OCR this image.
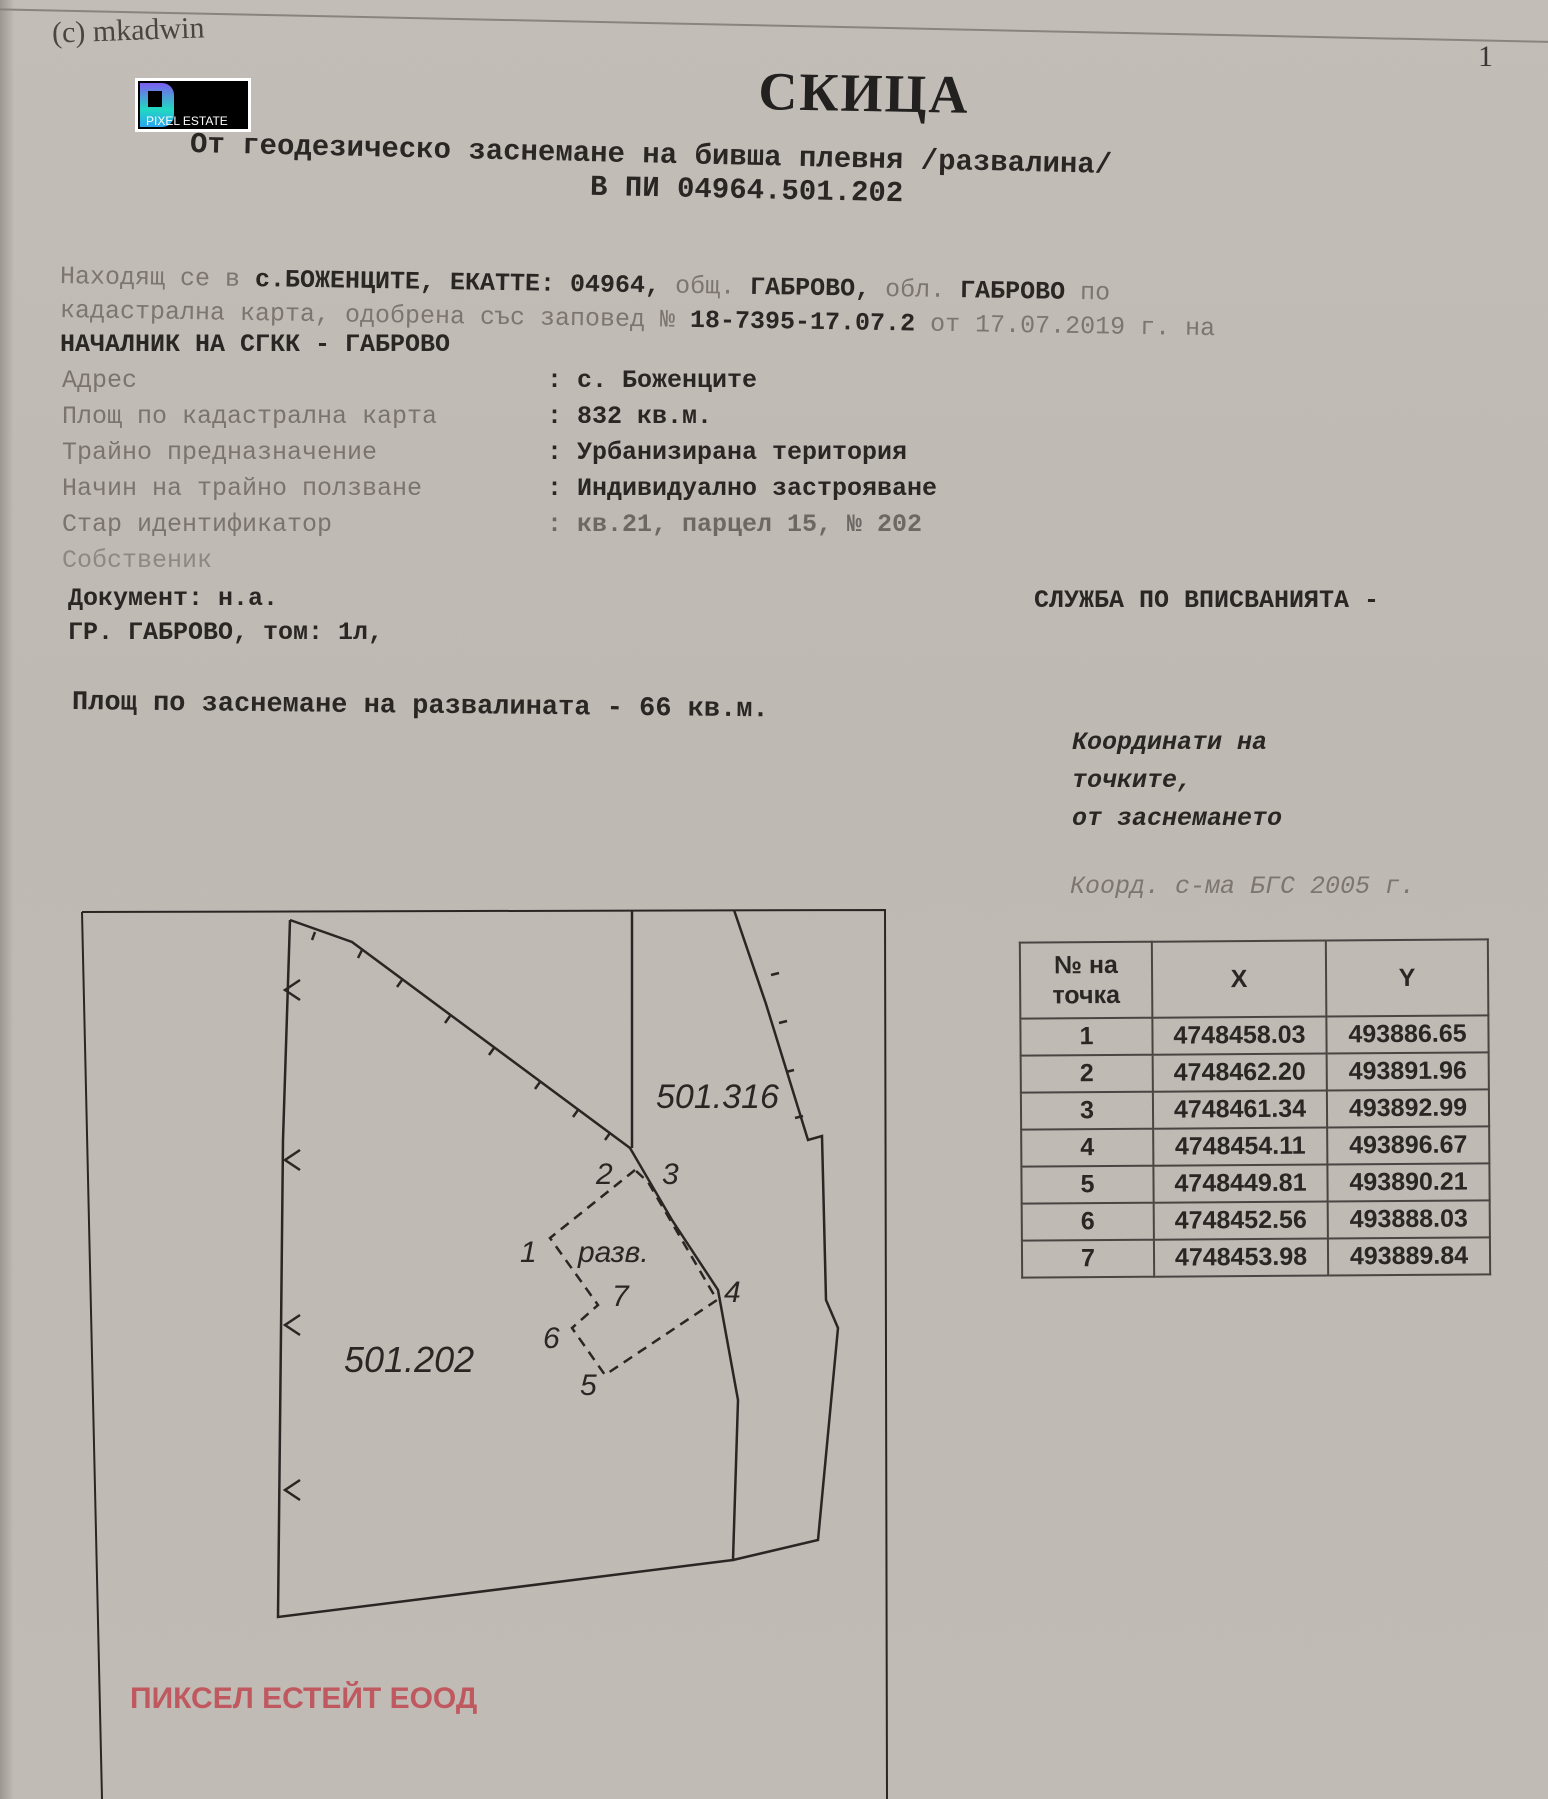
(c) mkadwin
1
PIXEL ESTATE	СКИЦА
От геодезическо заснемане на бивша плевня /развалина/
В ПИ 04964.501.202
Находящ се в с.БОЖЕНЦИТЕ, ЕКАТТЕ: 04964, общ. ГАБРОВО, обл. ГАБРОВО по
кадастрална карта, одобрена със заповед № 18-7395-17.07.2 от 17.07.2019 г. на
НАЧАЛНИК НА СГКК - ГАБРОВО
Адрес	: с. Боженците
Площ по кадастрална карта	: 832 кв.м.
Трайно предназначение	: Урбанизирана територия
Начин на трайно ползване	: Индивидуално застрояване
Стар идентификатор	: кв.21, парцел 15, № 202
Собственик
Документ: н.а.	СЛУЖБА ПО ВПИСВАНИЯТА -
ГР. ГАБРОВО, том: 1л,
Площ по заснемане на развалината - 66 кв.м.
Координати на
точките,
от заснемането
Коорд. с-ма БГС 2005 г.
№ на точка	X	Y
1	4748458.03	493886.65
2	4748462.20	493891.96
3	4748461.34	493892.99
4	4748454.11	493896.67
5	4748449.81	493890.21
6	4748452.56	493888.03
7	4748453.98	493889.84
501.316
501.202
разв.
1
2 3
4
5
6
7
ПИКСЕЛ ЕСТЕЙТ ЕООД
